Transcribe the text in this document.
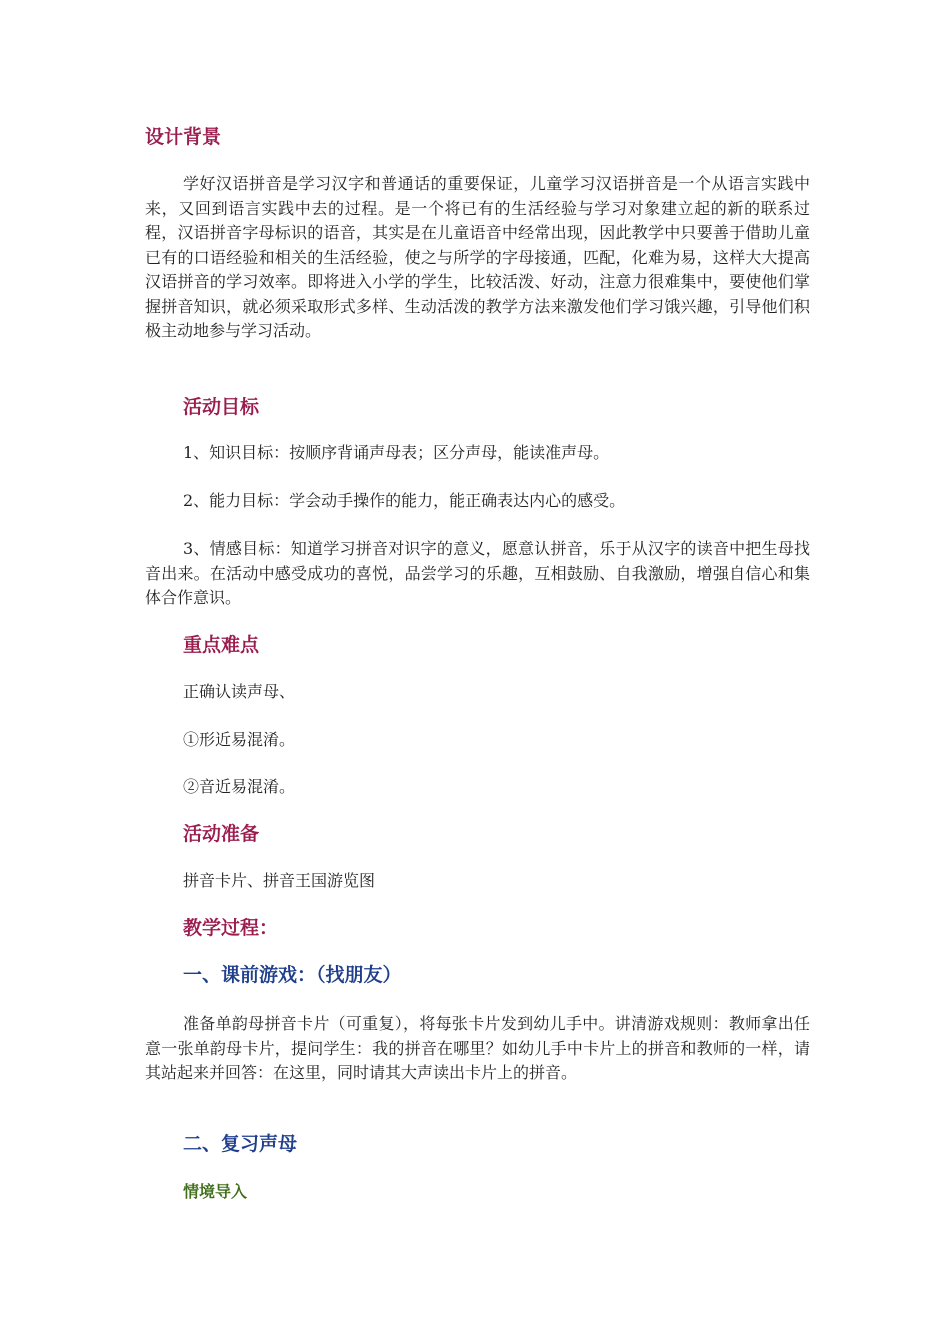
设计背景

学好汉语拼音是学习汉字和普通话的重要保证，儿童学习汉语拼音是一个从语言实践中来，又回到语言实践中去的过程。是一个将已有的生活经验与学习对象建立起的新的联系过程，汉语拼音字母标识的语音，其实是在儿童语音中经常出现，因此教学中只要善于借助儿童已有的口语经验和相关的生活经验，使之与所学的字母接通，匹配，化难为易，这样大大提高汉语拼音的学习效率。即将进入小学的学生，比较活泼、好动，注意力很难集中，要使他们掌握拼音知识，就必须采取形式多样、生动活泼的教学方法来激发他们学习饿兴趣，引导他们积极主动地参与学习活动。

活动目标
1、知识目标：按顺序背诵声母表；区分声母，能读准声母。
2、能力目标：学会动手操作的能力，能正确表达内心的感受。

3、情感目标：知道学习拼音对识字的意义，愿意认拼音，乐于从汉字的读音中把生母找音出来。在活动中感受成功的喜悦，品尝学习的乐趣，互相鼓励、自我激励，增强自信心和集体合作意识。

重点难点
正确认读声母、
①形近易混淆。
②音近易混淆。
活动准备
拼音卡片、拼音王国游览图
教学过程：
一、课前游戏：（找朋友）

准备单韵母拼音卡片（可重复），将每张卡片发到幼儿手中。讲清游戏规则：教师拿出任意一张单韵母卡片，提问学生：我的拼音在哪里？如幼儿手中卡片上的拼音和教师的一样，请其站起来并回答：在这里，同时请其大声读出卡片上的拼音。

二、复习声母
情境导入
